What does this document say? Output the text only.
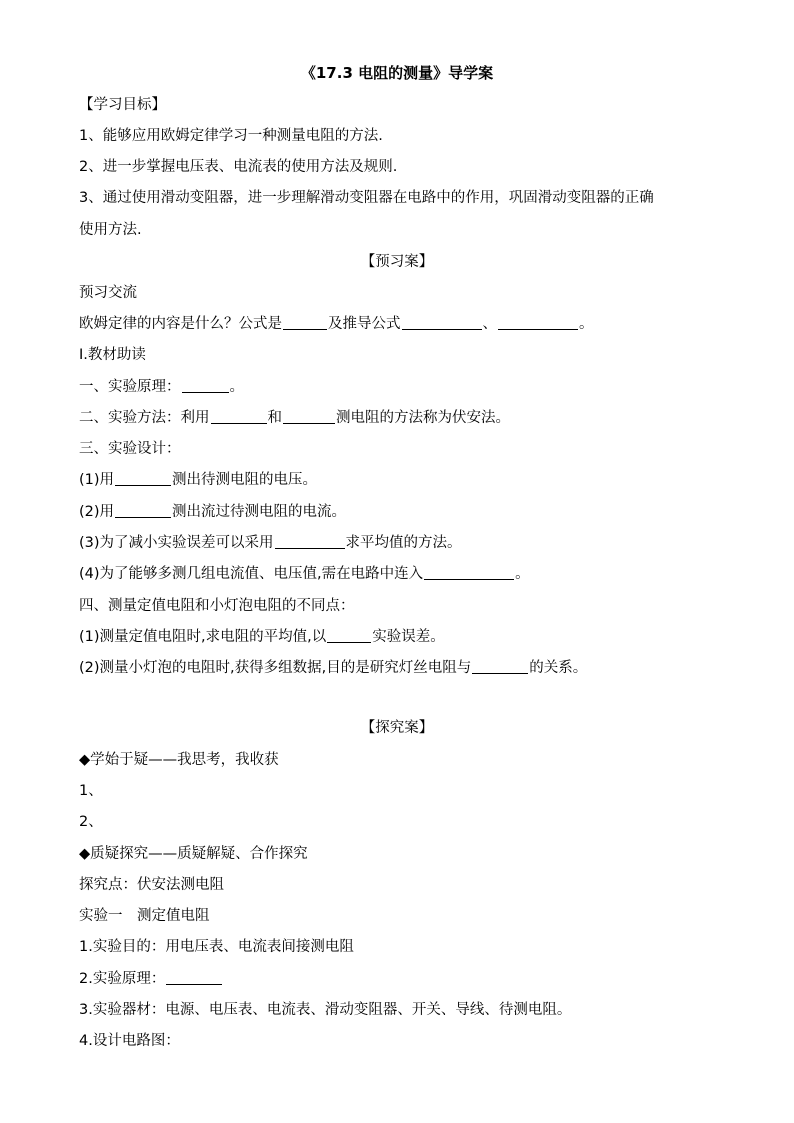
《17.3 电阻的测量》导学案
【学习目标】
1、能够应用欧姆定律学习一种测量电阻的方法.
2、进一步掌握电压表、电流表的使用方法及规则.
3、通过使用滑动变阻器，进一步理解滑动变阻器在电路中的作用，巩固滑动变阻器的正确
使用方法.
【预习案】
预习交流
欧姆定律的内容是什么？公式是	及推导公式	、	。
I.教材助读
一、实验原理：	。
二、实验方法：利用	和	测电阻的方法称为伏安法。
三、实验设计：
(1)用	测出待测电阻的电压。
(2)用	测出流过待测电阻的电流。
(3)为了减小实验误差可以采用	求平均值的方法。
(4)为了能够多测几组电流值、电压值,需在电路中连入	。
四、测量定值电阻和小灯泡电阻的不同点：
(1)测量定值电阻时,求电阻的平均值,以	实验误差。
(2)测量小灯泡的电阻时,获得多组数据,目的是研究灯丝电阻与	的关系。
【探究案】
◆学始于疑——我思考，我收获
1、
2、
◆质疑探究——质疑解疑、合作探究
探究点：伏安法测电阻
实验一　测定值电阻
1.实验目的：用电压表、电流表间接测电阻
2.实验原理：
3.实验器材：电源、电压表、电流表、滑动变阻器、开关、导线、待测电阻。
4.设计电路图：
